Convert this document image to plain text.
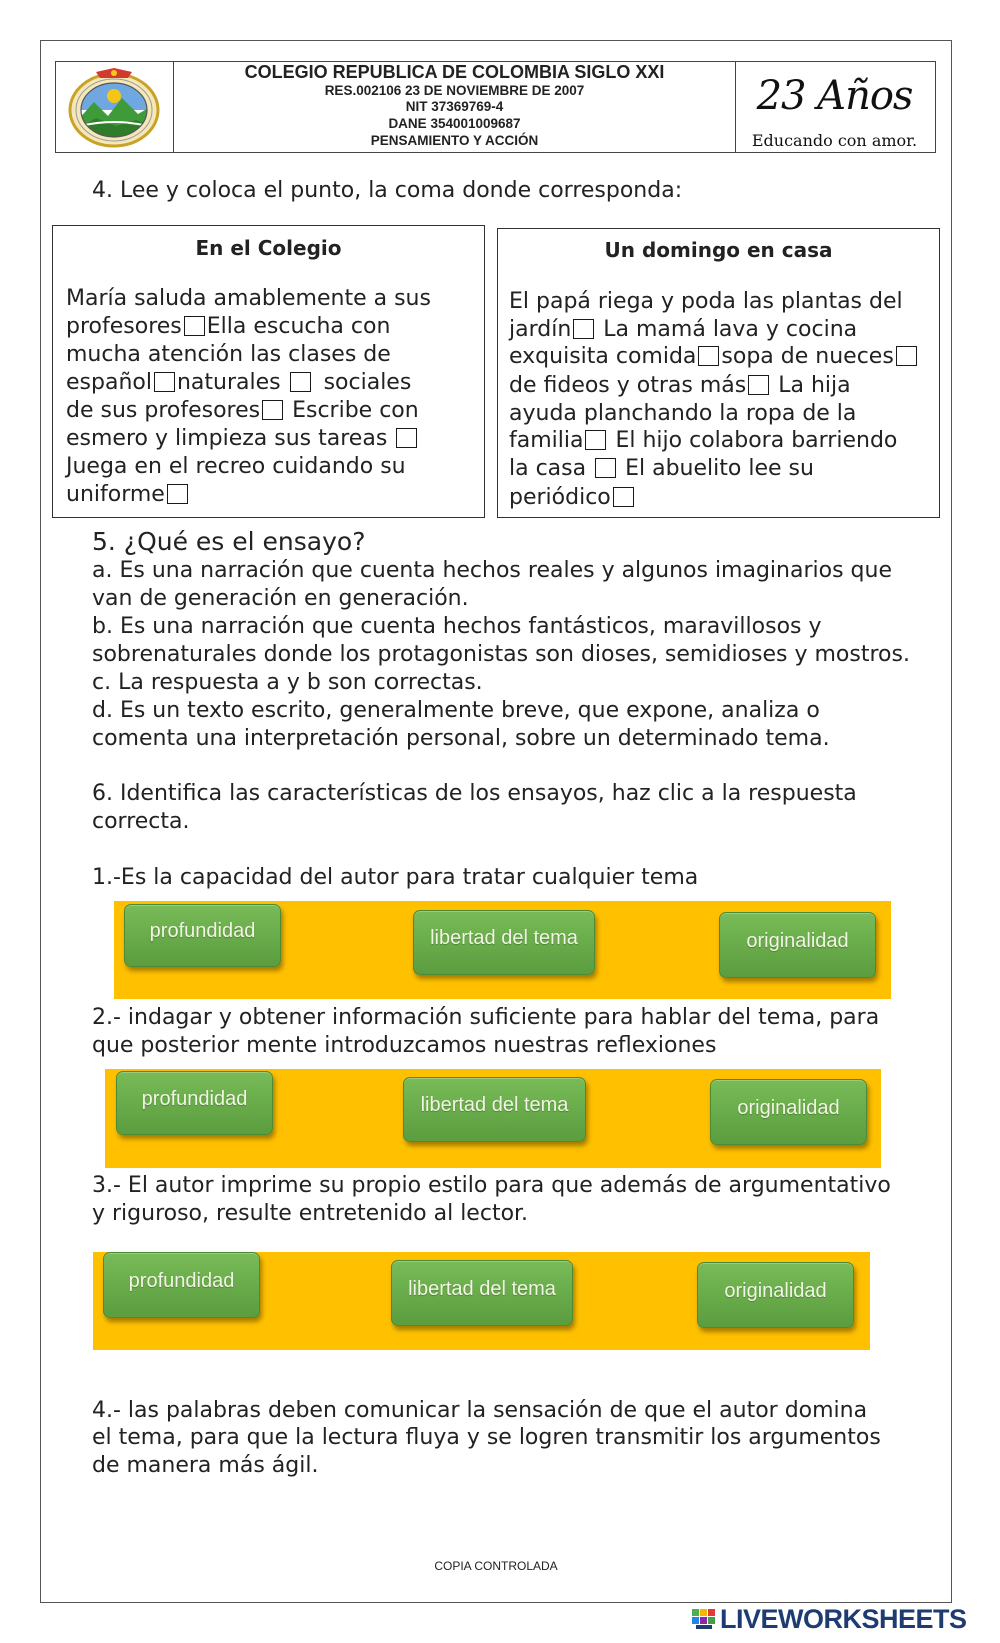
COLEGIO REPUBLICA DE COLOMBIA SIGLO XXI
RES.002106 23 DE NOVIEMBRE DE 2007
NIT 37369769-4
DANE 354001009687
PENSAMIENTO Y ACCIÓN
23 Años
Educando con amor.
4. Lee y coloca el punto, la coma donde corresponda:
En el Colegio
María saluda amablemente a sus
profesores Ella escucha con
mucha atención las clases de
español naturales  sociales
de sus profesores Escribe con
esmero y limpieza sus tareas
Juega en el recreo cuidando su
uniforme
Un domingo en casa
El papá riega y poda las plantas del
jardín La mamá lava y cocina
exquisita comida sopa de nueces
de fideos y otras más La hija
ayuda planchando la ropa de la
familia El hijo colabora barriendo
la casa  El abuelito lee su
periódico
5. ¿Qué es el ensayo?
a. Es una narración que cuenta hechos reales y algunos imaginarios que
van de generación en generación.
b. Es una narración que cuenta hechos fantásticos, maravillosos y
sobrenaturales donde los protagonistas son dioses, semidioses y mostros.
c. La respuesta a y b son correctas.
d. Es un texto escrito, generalmente breve, que expone, analiza o
comenta una interpretación personal, sobre un determinado tema.
6. Identifica las características de los ensayos, haz clic a la respuesta
correcta.
1.-Es la capacidad del autor para tratar cualquier tema
profundidad	libertad del tema	originalidad
2.- indagar y obtener información suficiente para hablar del tema, para
que posterior mente introduzcamos nuestras reflexiones
profundidad	libertad del tema	originalidad
3.- El autor imprime su propio estilo para que además de argumentativo
y riguroso, resulte entretenido al lector.
profundidad	libertad del tema	originalidad
4.- las palabras deben comunicar la sensación de que el autor domina
el tema, para que la lectura fluya y se logren transmitir los argumentos
de manera más ágil.
COPIA CONTROLADA
LIVEWORKSHEETS
